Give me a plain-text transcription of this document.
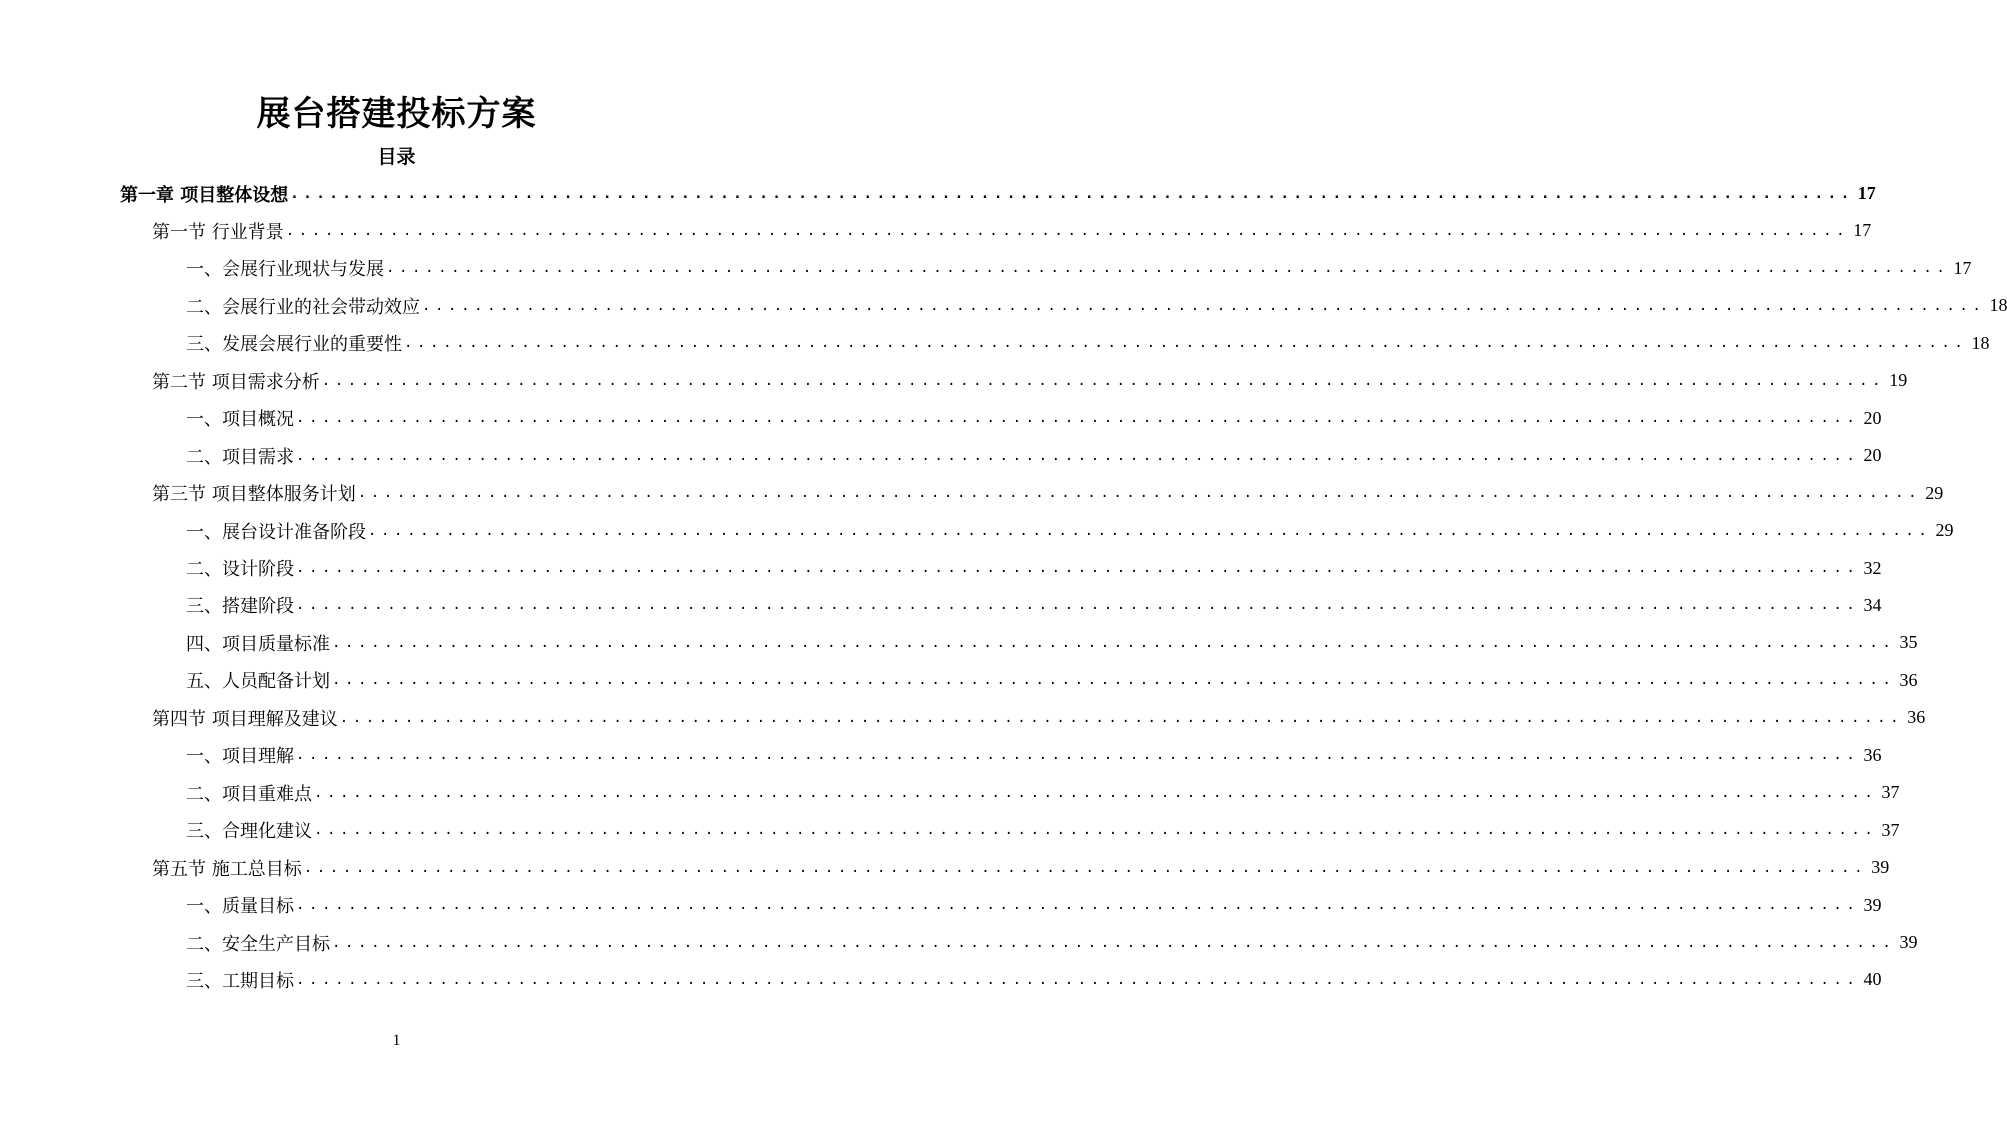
展台搭建投标方案
目录
第一章 项目整体设想 ........................................................................................................................ 17
第一节 行业背景 ........................................................................................................................ 17
一、会展行业现状与发展 ........................................................................................................................ 17
二、会展行业的社会带动效应 ........................................................................................................................ 18
三、发展会展行业的重要性 ........................................................................................................................ 18
第二节 项目需求分析 ........................................................................................................................ 19
一、项目概况 ........................................................................................................................ 20
二、项目需求 ........................................................................................................................ 20
第三节 项目整体服务计划 ........................................................................................................................ 29
一、展台设计准备阶段 ........................................................................................................................ 29
二、设计阶段 ........................................................................................................................ 32
三、搭建阶段 ........................................................................................................................ 34
四、项目质量标准 ........................................................................................................................ 35
五、人员配备计划 ........................................................................................................................ 36
第四节 项目理解及建议 ........................................................................................................................ 36
一、项目理解 ........................................................................................................................ 36
二、项目重难点 ........................................................................................................................ 37
三、合理化建议 ........................................................................................................................ 37
第五节 施工总目标 ........................................................................................................................ 39
一、质量目标 ........................................................................................................................ 39
二、安全生产目标 ........................................................................................................................ 39
三、工期目标 ........................................................................................................................ 40
1
